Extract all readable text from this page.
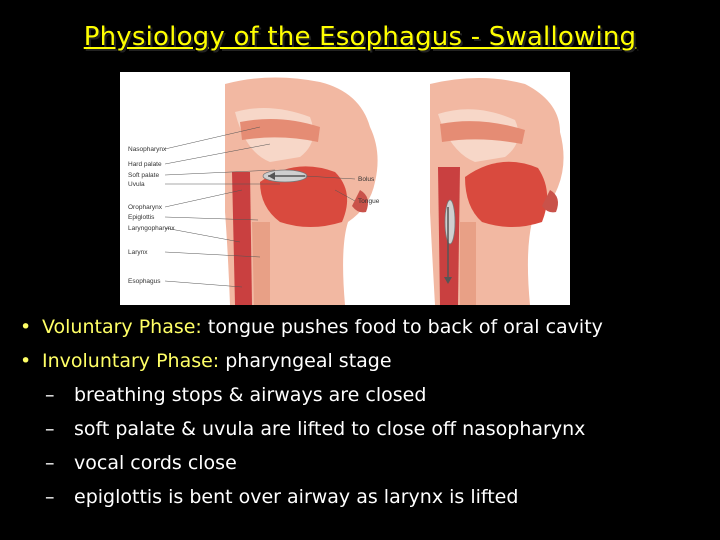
Physiology of the Esophagus - Swallowing
Nasopharynx
Hard palate
Soft palate
Uvula
Oropharynx
Epiglottis
Laryngopharynx
Larynx
Esophagus
Bolus
Tongue
• Voluntary Phase: tongue pushes food to back of oral cavity
• Involuntary Phase: pharyngeal stage
– breathing stops & airways are closed
– soft palate & uvula are lifted to close off nasopharynx
– vocal cords close
– epiglottis is bent over airway as larynx is lifted
